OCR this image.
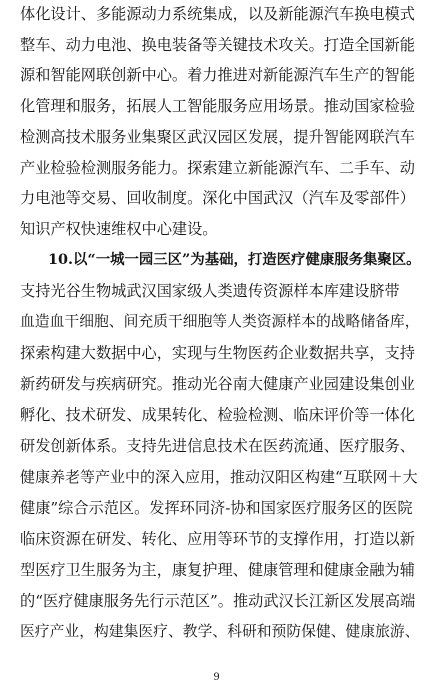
体化设计、多能源动力系统集成，以及新能源汽车换电模式
整车、动力电池、换电装备等关键技术攻关。打造全国新能
源和智能网联创新中心。着力推进对新能源汽车生产的智能
化管理和服务，拓展人工智能服务应用场景。推动国家检验
检测高技术服务业集聚区武汉园区发展，提升智能网联汽车
产业检验检测服务能力。探索建立新能源汽车、二手车、动
力电池等交易、回收制度。深化中国武汉（汽车及零部件）
知识产权快速维权中心建设。
10.以“一城一园三区”为基础，打造医疗健康服务集聚区。
支持光谷生物城武汉国家级人类遗传资源样本库建设脐带
血造血干细胞、间充质干细胞等人类资源样本的战略储备库，
探索构建大数据中心，实现与生物医药企业数据共享，支持
新药研发与疾病研究。推动光谷南大健康产业园建设集创业
孵化、技术研发、成果转化、检验检测、临床评价等一体化
研发创新体系。支持先进信息技术在医药流通、医疗服务、
健康养老等产业中的深入应用，推动汉阳区构建“互联网＋大
健康”综合示范区。发挥环同济-协和国家医疗服务区的医院
临床资源在研发、转化、应用等环节的支撑作用，打造以新
型医疗卫生服务为主，康复护理、健康管理和健康金融为辅
的“医疗健康服务先行示范区”。推动武汉长江新区发展高端
医疗产业，构建集医疗、教学、科研和预防保健、健康旅游、
9
